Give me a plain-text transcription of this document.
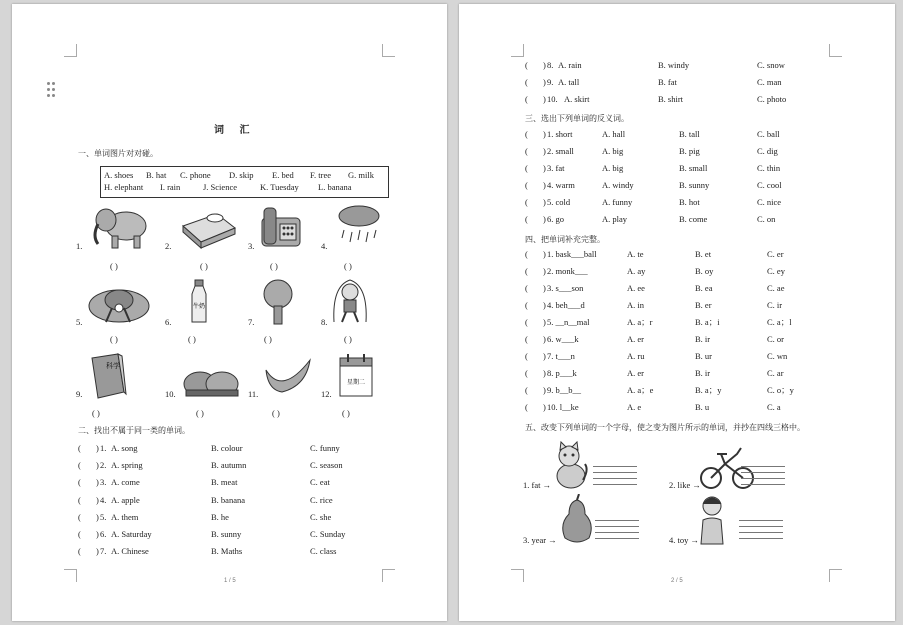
词 汇
一、单词图片对对碰。
A. shoes B. hat C. phone D. skip E. bed F. tree G. milk
H. elephant I. rain	J. Science	K. Tuesday L. banana
1.
( )
2.
( )
3.
( )
4.
( )
5.
( )
6.
牛奶
( )
7.
( )
8.
( )
9.
科学
( )
10.
( )
11.
( )
12.
星期二
( )
二、找出不属于同一类的单词。
1 / 5
( ) 1. A. song	B. colour	C. funny
( ) 2. A. spring	B. autumn	C. season
( ) 3. A. come	B. meat	C. eat
( ) 4. A. apple	B. banana	C. rice
( ) 5. A. them	B. he	C. she
( ) 6. A. Saturday	B. sunny	C. Sunday
( ) 7. A. Chinese	B. Maths	C. class
三、选出下列单词的反义词。
四、把单词补充完整。
五、改变下列单词的一个字母，使之变为图片所示的单词，并抄在四线三格中。
1. fat →	2. like →
3. year →	4. toy →
2 / 5
( ) 8. A. rain	B. windy	C. snow
( ) 9. A. tall	B. fat	C. man
( ) 10. A. skirt	B. shirt	C. photo
( ) 1. short	A. hall	B. tall	C. ball
( ) 2. small	A. big	B. pig	C. dig
( ) 3. fat	A. big	B. small	C. thin
( ) 4. warm	A. windy	B. sunny	C. cool
( ) 5. cold	A. funny	B. hot	C. nice
( ) 6. go	A. play	B. come	C. on
( ) 1. bask___ball	A. te	B. et	C. er
( ) 2. monk___	A. ay	B. oy	C. ey
( ) 3. s___son	A. ee	B. ea	C. ae
( ) 4. beh___d	A. in	B. er	C. ir
( ) 5. __n__mal	A. a；r	B. a；i	C. a；l
( ) 6. w___k	A. er	B. ir	C. or
( ) 7. t___n	A. ru	B. ur	C. wn
( ) 8. p___k	A. er	B. ir	C. ar
( ) 9. b__b__	A. a；e	B. a；y	C. o；y
( ) 10. l__ke	A. e	B. u	C. a
